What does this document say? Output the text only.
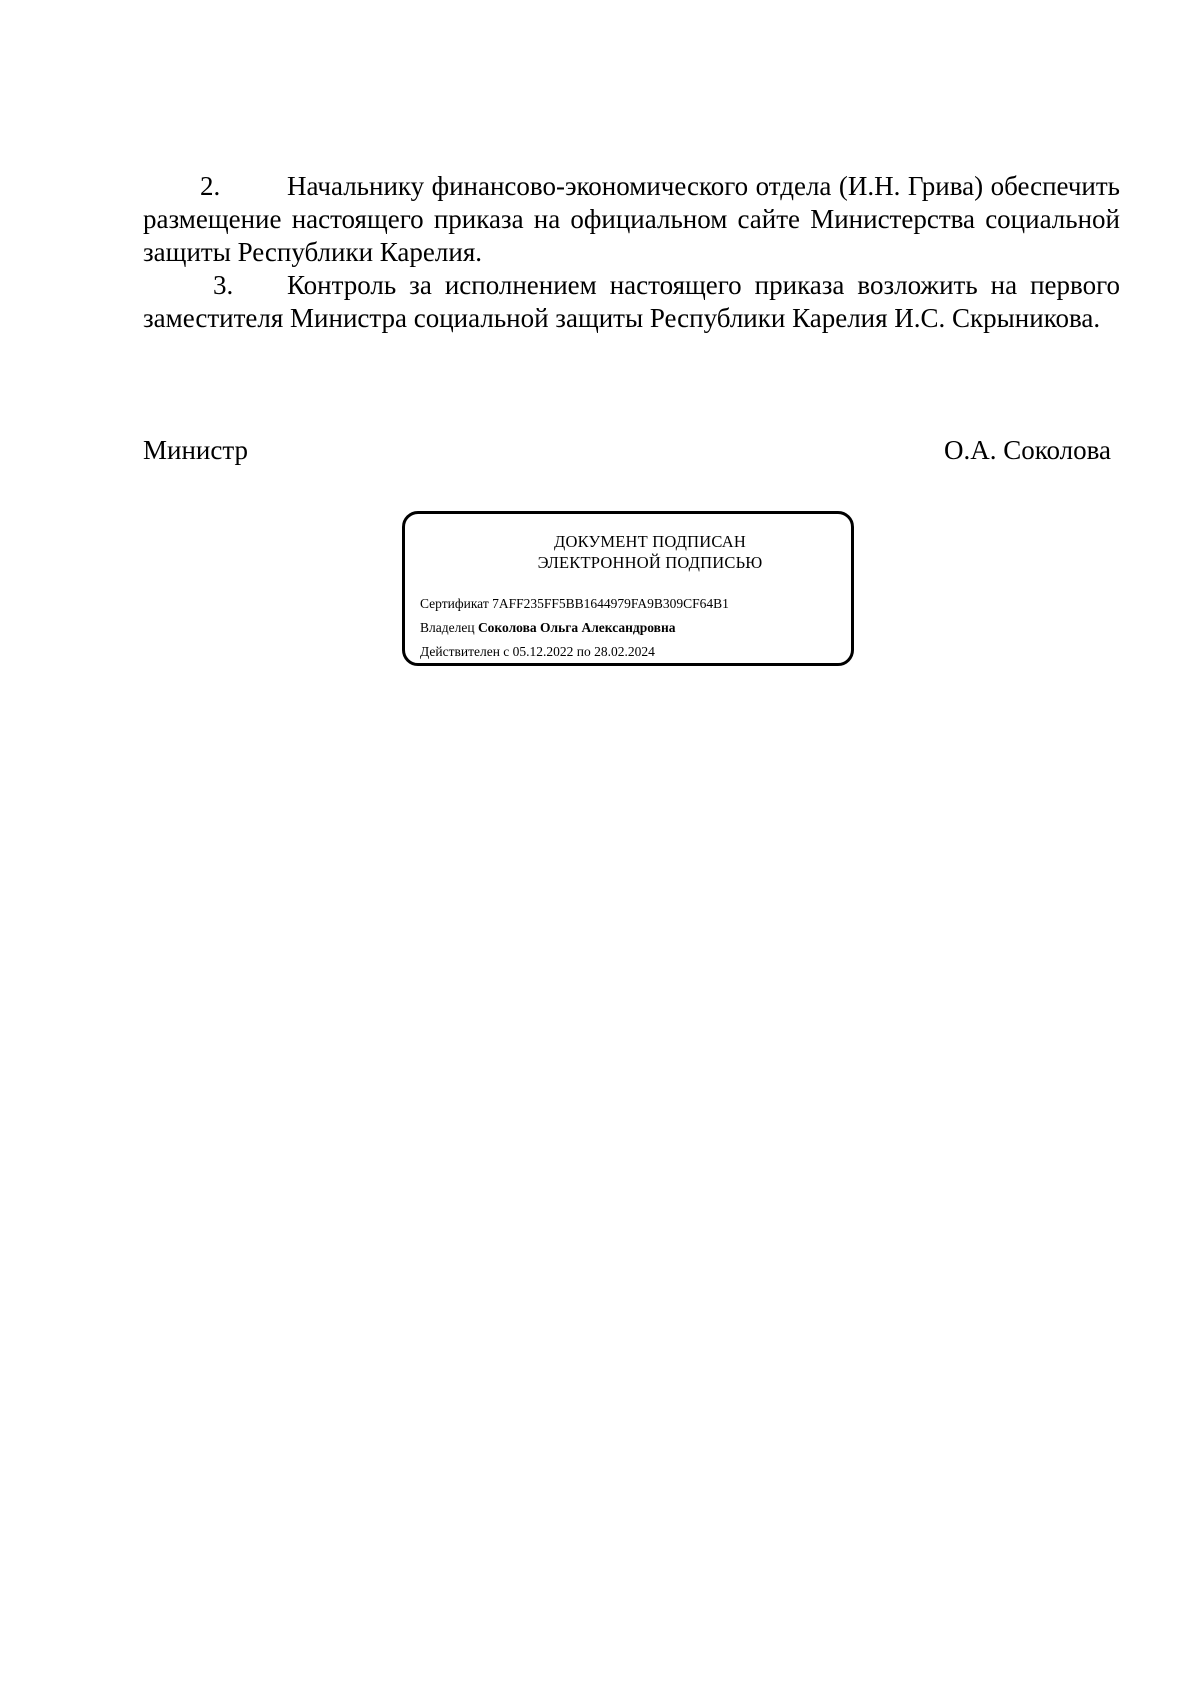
2. Начальнику финансово-экономического отдела (И.Н. Грива) обеспечить размещение настоящего приказа на официальном сайте Министерства социальной защиты Республики Карелия.

3. Контроль за исполнением настоящего приказа возложить на первого заместителя Министра социальной защиты Республики Карелия И.С. Скрыникова.

Министр	О.А. Соколова
ДОКУМЕНТ ПОДПИСАН
ЭЛЕКТРОННОЙ ПОДПИСЬЮ
Сертификат 7AFF235FF5BB1644979FA9B309CF64B1
Владелец Соколова Ольга Александровна
Действителен с 05.12.2022 по 28.02.2024
